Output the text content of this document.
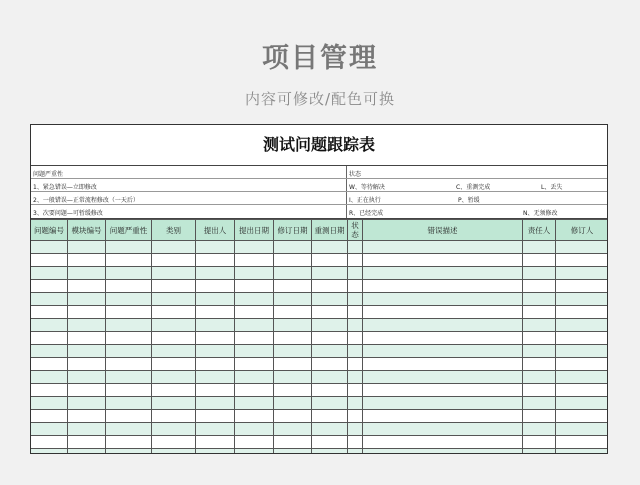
项目管理
内容可修改/配色可换
测试问题跟踪表
问题严重性	状态
1、紧急错误—立即修改	W、等待解决	C、重测完成	L、丢失
2、一般错误—正常流程修改（一天后）	I、正在执行	P、暂缓
3、次要问题—可暂缓修改	R、已经完成	N、无须修改
问题编号	模块编号	问题严重性	类别	提出人	提出日期	修订日期	重测日期	状态	错误描述	责任人	修订人
